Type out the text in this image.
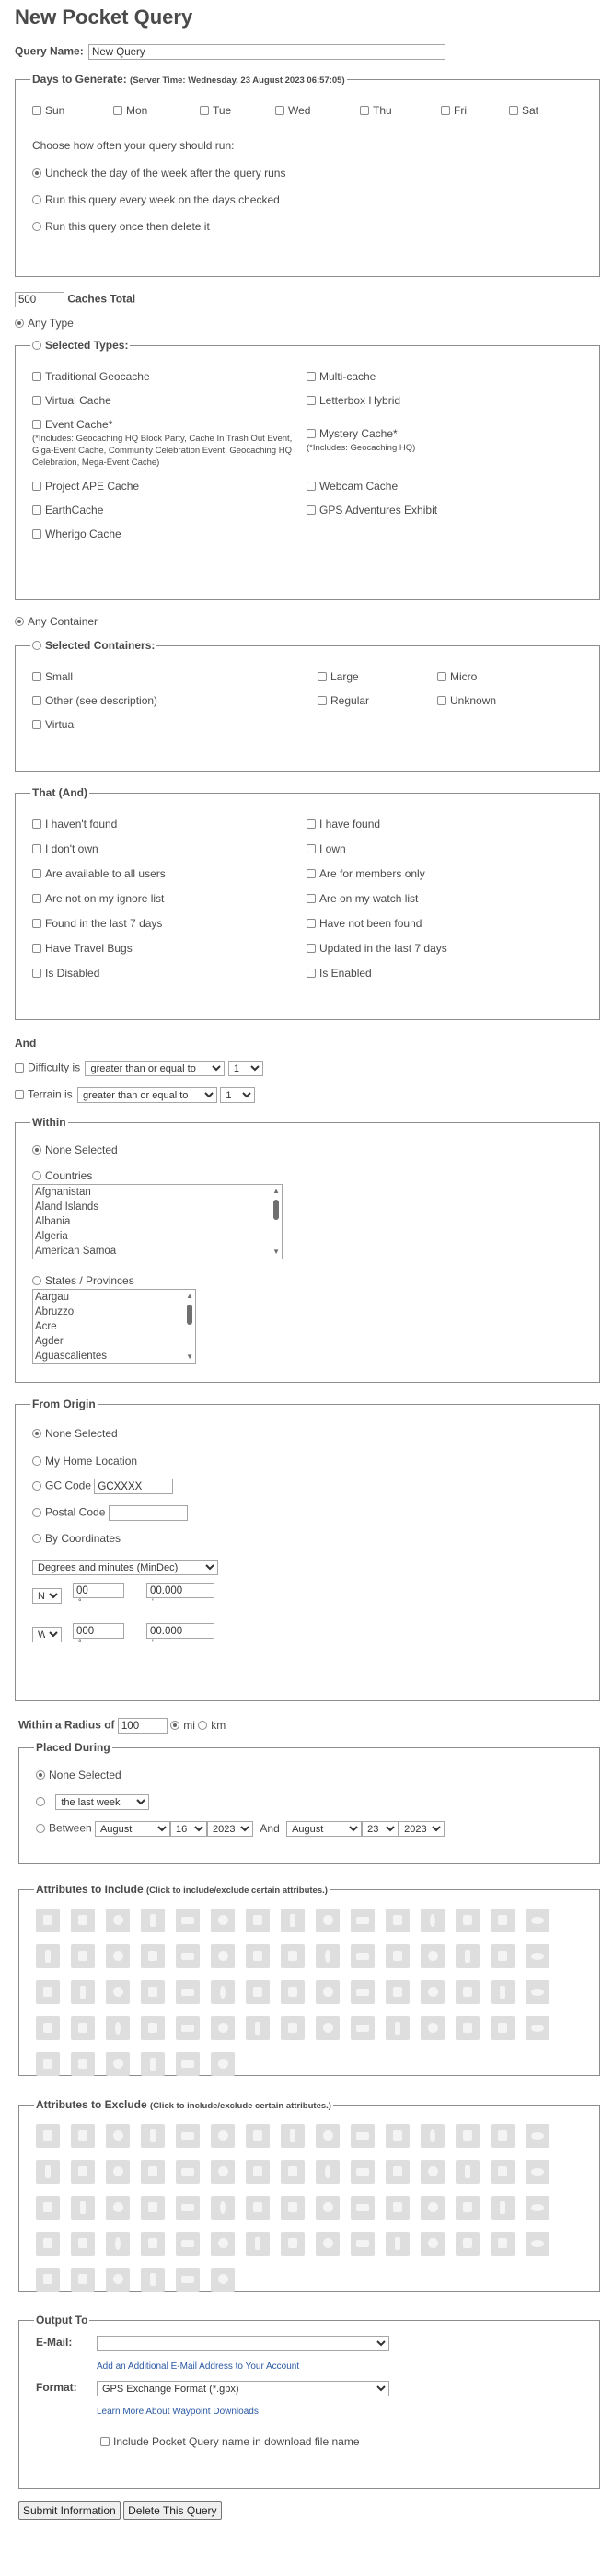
New Pocket Query
Query Name: New Query
Days to Generate: (Server Time: Wednesday, 23 August 2023 06:57:05)
Sun	Mon	Tue	Wed	Thu	Fri	Sat
Choose how often your query should run:
Uncheck the day of the week after the query runs
Run this query every week on the days checked
Run this query once then delete it
500 Caches Total
Any Type
Selected Types:
Traditional Geocache	Multi-cache
Virtual Cache	Letterbox Hybrid
Event Cache*
(*Includes: Geocaching HQ Block Party, Cache In Trash Out Event, Giga-Event Cache, Community Celebration Event, Geocaching HQ Celebration, Mega-Event Cache)
Mystery Cache*
(*Includes: Geocaching HQ)
Project APE Cache	Webcam Cache
EarthCache	GPS Adventures Exhibit
Wherigo Cache
Any Container
Selected Containers:
Small	Large	Micro
Other (see description)	Regular	Unknown
Virtual
That (And)
I haven't found	I have found
I don't own	I own
Are available to all users	Are for members only
Are not on my ignore list	Are on my watch list
Found in the last 7 days	Have not been found
Have Travel Bugs	Updated in the last 7 days
Is Disabled	Is Enabled
And
Difficulty is
greater than or equal to
1
Terrain is
greater than or equal to
1
Within
None Selected
Countries
Afghanistan
Aland Islands
Albania
Algeria
American Samoa
▲
▼
States / Provinces
Aargau
Abruzzo
Acre
Agder
Aguascalientes
▲
▼
From Origin
None Selected
My Home Location
GC Code GCXXXX
Postal Code
By Coordinates
Degrees and minutes (MinDec)
N
00
°
00.000	'
W
000
°
00.000	'
Within a Radius of 100	mi km
Placed During
None Selected

the last week
Between
August
16
2023	And
August
23
2023
Attributes to Include (Click to include/exclude certain attributes.)
Attributes to Exclude (Click to include/exclude certain attributes.)
Output To
E-Mail:
Add an Additional E-Mail Address to Your Account
Format:
GPS Exchange Format (*.gpx)
Learn More About Waypoint Downloads
Include Pocket Query name in download file name
Submit Information Delete This Query
